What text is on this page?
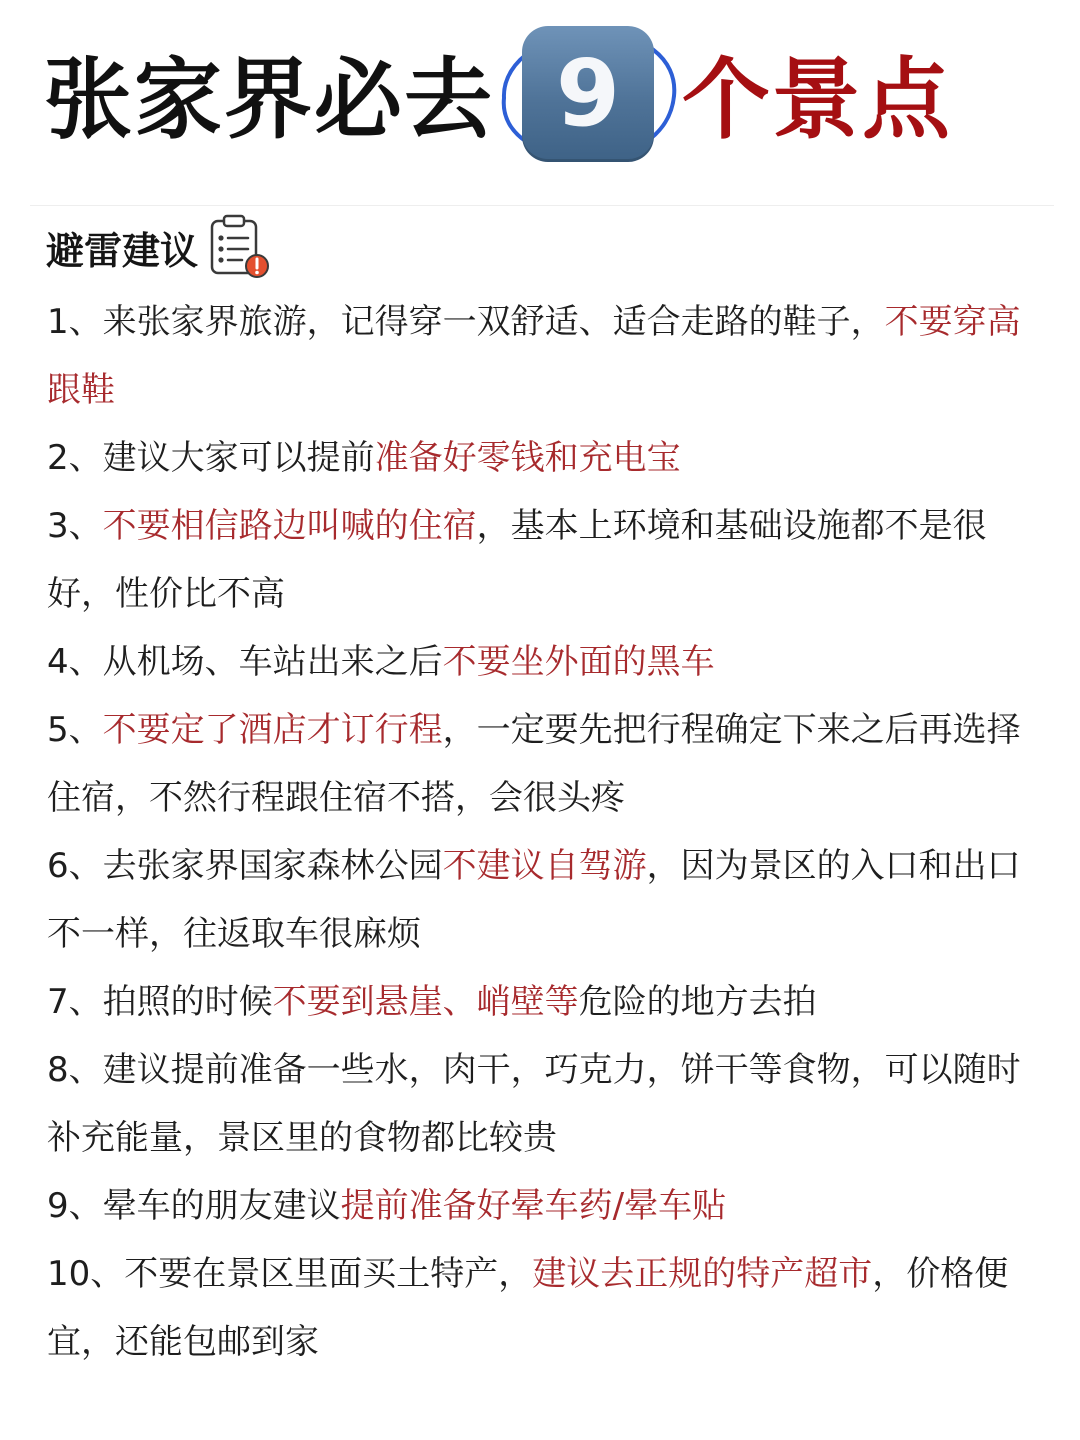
张家界必去 9 个景点
避雷建议
1、来张家界旅游，记得穿一双舒适、适合走路的鞋子，不要穿高跟鞋
2、建议大家可以提前准备好零钱和充电宝
3、不要相信路边叫喊的住宿，基本上环境和基础设施都不是很好，性价比不高
4、从机场、车站出来之后不要坐外面的黑车
5、不要定了酒店才订行程，一定要先把行程确定下来之后再选择住宿，不然行程跟住宿不搭，会很头疼
6、去张家界国家森林公园不建议自驾游，因为景区的入口和出口不一样，往返取车很麻烦
7、拍照的时候不要到悬崖、峭壁等危险的地方去拍
8、建议提前准备一些水，肉干，巧克力，饼干等食物，可以随时补充能量，景区里的食物都比较贵
9、晕车的朋友建议提前准备好晕车药/晕车贴
10、不要在景区里面买土特产，建议去正规的特产超市，价格便宜，还能包邮到家
